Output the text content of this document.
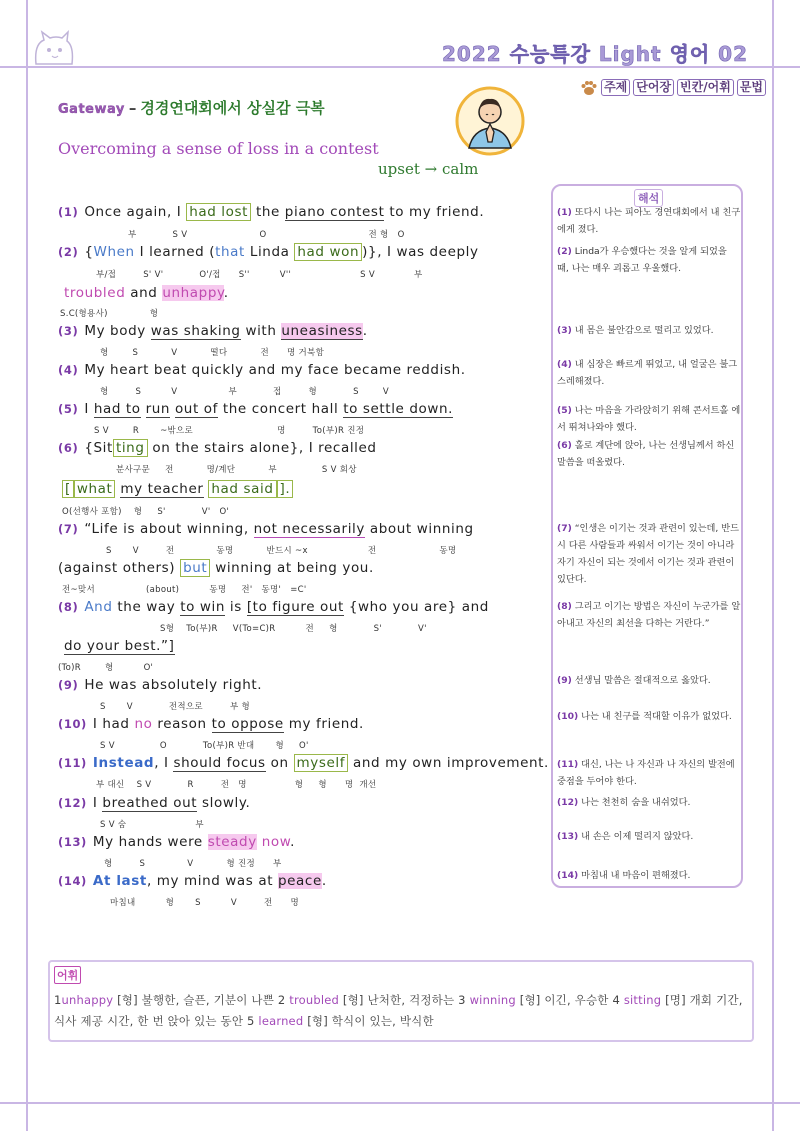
2022 수능특강 Light 영어 02
주제 단어장 빈칸/어휘 문법
Gateway – 경경연대회에서 상실감 극복
Overcoming a sense of loss in a contest
upset → calm
(1) Once again, I had lost the piano contest to my friend.
부	S V	O	전 형 O
(2) {When I learned (that Linda had won )}, I was deeply
부/접	S' V'	O'/접 S''	V''	S V	부
troubled and unhappy.
S.C(형용사)	형
(3) My body was shaking with uneasiness.
형	S	V	떨다	전 명 거북함
(4) My heart beat quickly and my face became reddish.
형	S	V	부	접	형	S	V
(5) I had to run out of the concert hall to settle down.
S V	R ~밖으로	명	To(부)R 진정
(6) {Sit ting on the stairs alone}, I recalled
분사구문 전	명/계단	부	S V 회상
[ what my teacher had said ].
O(선행사 포함) 형 S'	V' O'
(7) “Life is about winning, not necessarily about winning
S V	전	동명	반드시 ~x	전	동명
(against others) but winning at being you.
전~맞서	(about)	동명 전' 동명' =C'
(8) And the way to win is [to figure out {who you are} and
S형 To(부)R V(To=C)R	전 형	S'	V'
do your best.”]
(To)R	형	O'
(9) He was absolutely right.
S V	전적으로	부 형
(10) I had no reason to oppose my friend.
S V	O	To(부)R 반대 형 O'
(11) Instead, I should focus on myself and my own improvement.
부 대신 S V	R	전 명	형 형 명 개선
(12) I breathed out slowly.
S V 숨	부
(13) My hands were steady now.
형	S	V	형 진정 부
(14) At last, my mind was at peace.
마침내	형 S	V	전 명
해석
(1) 또다시 나는 피아노 경연대회에서 내 친구에게 졌다.
(2) Linda가 우승했다는 것을 알게 되었을 때, 나는 매우 괴롭고 우울했다.
(3) 내 몸은 불안감으로 떨리고 있었다.
(4) 내 심장은 빠르게 뛰었고, 내 얼굴은 불그스레해졌다.
(5) 나는 마음을 가라앉히기 위해 콘서트홀 에서 뛰쳐나와야 했다.
(6) 홀로 계단에 앉아, 나는 선생님께서 하신 말씀을 떠올렸다.
(7) “인생은 이기는 것과 관련이 있는데, 반드시 다른 사람들과 싸워서 이기는 것이 아니라 자기 자신이 되는 것에서 이기는 것과 관련이 있단다.
(8) 그리고 이기는 방법은 자신이 누군가를 알아내고 자신의 최선을 다하는 거란다.”
(9) 선생님 말씀은 절대적으로 옳았다.
(10) 나는 내 친구를 적대할 이유가 없었다.
(11) 대신, 나는 나 자신과 나 자신의 발전에 중점을 두어야 한다.
(12) 나는 천천히 숨을 내쉬었다.
(13) 내 손은 이제 떨리지 않았다.
(14) 마침내 내 마음이 편해졌다.
어휘
1unhappy [형] 불행한, 슬픈, 기분이 나쁜 2 troubled [형] 난처한, 걱정하는 3 winning [형] 이긴, 우승한 4 sitting [명] 개회 기간, 식사 제공 시간, 한 번 앉아 있는 동안 5 learned [형] 학식이 있는, 박식한
